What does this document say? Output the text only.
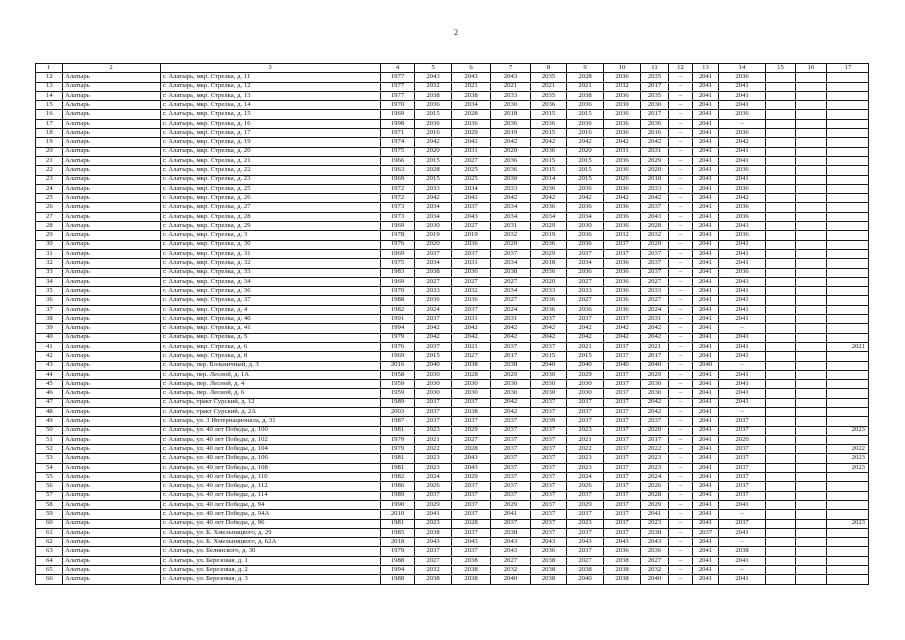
2
1	2	3	4	5	6	7	8	9	10	11	12	13	14	15	16	17
12	Алатырь	г. Алатырь, мкр. Стрелка, д. 11	1977	2043	2043	2043	2035	2028	2036	2035	–	2041	2036			
13	Алатырь	г. Алатырь, мкр. Стрелка, д. 12	1977	2032	2021	2021	2021	2021	2032	2017	–	2041	2041			
14	Алатырь	г. Алатырь, мкр. Стрелка, д. 13	1977	2038	2038	2033	2035	2038	2036	2035	–	2041	2041			
15	Алатырь	г. Алатырь, мкр. Стрелка, д. 14	1970	2036	2034	2030	2036	2036	2030	2030	–	2041	2041			
16	Алатырь	г. Алатырь, мкр. Стрелка, д. 15	1969	2015	2028	2018	2015	2015	2036	2017	–	2041	2036			
17	Алатырь	г. Алатырь, мкр. Стрелка, д. 16	1998	2036	2036	2036	2036	2036	2036	2036	–	2041	–			
18	Алатырь	г. Алатырь, мкр. Стрелка, д. 17	1971	2016	2029	2019	2015	2016	2036	2016	–	2041	2036			
19	Алатырь	г. Алатырь, мкр. Стрелка, д. 19	1974	2042	2042	2042	2042	2042	2042	2042	–	2041	2042			
20	Алатырь	г. Алатырь, мкр. Стрелка, д. 20	1975	2020	2031	2020	2036	2020	2031	2031	–	2041	2041			
21	Алатырь	г. Алатырь, мкр. Стрелка, д. 21	1966	2015	2027	2036	2015	2015	2036	2029	–	2041	2041			
22	Алатырь	г. Алатырь, мкр. Стрелка, д. 22	1963	2028	2025	2036	2015	2015	2036	2020	–	2041	2036			
23	Алатырь	г. Алатырь, мкр. Стрелка, д. 23	1969	2015	2025	2030	2014	2015	2026	2018	–	2041	2041			
24	Алатырь	г. Алатырь, мкр. Стрелка, д. 25	1972	2033	2034	2033	2036	2036	2036	2033	–	2041	2036			
25	Алатырь	г. Алатырь, мкр. Стрелка, д. 26	1972	2042	2042	2042	2042	2042	2042	2042	–	2041	2042			
26	Алатырь	г. Алатырь, мкр. Стрелка, д. 27	1973	2034	2037	2034	2036	2036	2036	2037	–	2041	2036			
27	Алатырь	г. Алатырь, мкр. Стрелка, д. 28	1973	2034	2043	2034	2034	2034	2036	2043	–	2041	2036			
28	Алатырь	г. Алатырь, мкр. Стрелка, д. 29	1969	2030	2027	2031	2029	2030	2036	2028	–	2041	2041			
29	Алатырь	г. Алатырь, мкр. Стрелка, д. 3	1978	2019	2019	2032	2019	2036	2032	2032	–	2041	2036			
30	Алатырь	г. Алатырь, мкр. Стрелка, д. 30	1976	2020	2036	2020	2036	2036	2037	2020	–	2041	2041			
31	Алатырь	г. Алатырь, мкр. Стрелка, д. 31	1969	2037	2037	2037	2029	2037	2037	2037	–	2041	2041			
32	Алатырь	г. Алатырь, мкр. Стрелка, д. 32	1975	2034	2031	2034	2018	2034	2036	2037	–	2041	2041			
33	Алатырь	г. Алатырь, мкр. Стрелка, д. 33	1983	2038	2036	2038	2036	2036	2036	2037	–	2041	2036			
34	Алатырь	г. Алатырь, мкр. Стрелка, д. 34	1969	2027	2027	2027	2020	2027	2036	2027	–	2041	2041			
35	Алатырь	г. Алатырь, мкр. Стрелка, д. 36	1970	2033	2032	2034	2033	2033	2036	2033	–	2041	2041			
36	Алатырь	г. Алатырь, мкр. Стрелка, д. 37	1988	2036	2036	2027	2036	2027	2036	2027	–	2041	2041			
37	Алатырь	г. Алатырь, мкр. Стрелка, д. 4	1982	2024	2037	2024	2036	2036	2036	2024	–	2041	2041			
38	Алатырь	г. Алатырь, мкр. Стрелка, д. 40	1991	2037	2031	2031	2037	2037	2037	2031	–	2041	2041			
39	Алатырь	г. Алатырь, мкр. Стрелка, д. 41	1994	2042	2042	2042	2042	2042	2042	2042	–	2041	–			
40	Алатырь	г. Алатырь, мкр. Стрелка, д. 5	1979	2042	2042	2042	2042	2042	2042	2042	–	2041	2041			
41	Алатырь	г. Алатырь, мкр. Стрелка, д. 6	1976	2037	2021	2037	2037	2021	2037	2021	–	2041	2041			2021
42	Алатырь	г. Алатырь, мкр. Стрелка, д. 8	1969	2015	2027	2017	2015	2015	2037	2017	–	2041	2041			
43	Алатырь	г. Алатырь, пер. Больничный, д. 3	2016	2040	2038	2038	2040	2040	2040	2040	–	2040	–			
44	Алатырь	г. Алатырь, пер. Лесной, д. 1А	1958	2030	2028	2029	2030	2029	2037	2029	–	2041	2041			
45	Алатырь	г. Алатырь, пер. Лесной, д. 4	1959	2030	2030	2030	2030	2030	2037	2030	–	2041	2041			
46	Алатырь	г. Алатырь, пер. Лесной, д. 6	1959	2030	2030	2030	2030	2030	2037	2030	–	2041	2041			
47	Алатырь	г. Алатырь, тракт Сурский, д. 12	1989	2037	2037	2042	2037	2037	2037	2042	–	2041	2041			
48	Алатырь	г. Алатырь, тракт Сурский, д. 2А	2003	2037	2038	2042	2037	2037	2037	2042	–	2041	–			
49	Алатырь	г. Алатырь, ул. 3 Интернационала, д. 31	1987	2037	2037	2037	2039	2037	2037	2037	–	2041	2037			
50	Алатырь	г. Алатырь, ул. 40 лет Победы, д. 100	1981	2023	2029	2037	2037	2023	2037	2020	–	2041	2037			2023
51	Алатырь	г. Алатырь, ул. 40 лет Победы, д. 102	1979	2021	2027	2037	2037	2021	2037	2017	–	2041	2020			
52	Алатырь	г. Алатырь, ул. 40 лет Победы, д. 104	1979	2022	2028	2037	2037	2022	2037	2022	–	2041	2037			2022
53	Алатырь	г. Алатырь, ул. 40 лет Победы, д. 106	1981	2023	2043	2037	2037	2023	2037	2023	–	2041	2037			2023
54	Алатырь	г. Алатырь, ул. 40 лет Победы, д. 108	1981	2023	2043	2037	2037	2023	2037	2023	–	2041	2037			2023
55	Алатырь	г. Алатырь, ул. 40 лет Победы, д. 110	1982	2024	2029	2037	2037	2024	2037	2024	–	2041	2037			
56	Алатырь	г. Алатырь, ул. 40 лет Победы, д. 112	1986	2026	2037	2037	2037	2026	2037	2026	–	2041	2037			
57	Алатырь	г. Алатырь, ул. 40 лет Победы, д. 114	1989	2037	2037	2037	2037	2037	2037	2028	–	2041	2037			
58	Алатырь	г. Алатырь, ул. 40 лет Победы, д. 94	1990	2029	2037	2029	2037	2029	2037	2029	–	2041	2041			
59	Алатырь	г. Алатырь, ул. 40 лет Победы, д. 94А	2010	2041	2037	2041	2037	2037	2037	2041	–	2041	–			
60	Алатырь	г. Алатырь, ул. 40 лет Победы, д. 96	1981	2023	2028	2037	2037	2023	2037	2023	–	2041	2037			2023
61	Алатырь	г. Алатырь, ул. Б. Хмельницкого, д. 29	1985	2038	2037	2038	2037	2037	2037	2038	–	2037	2041			
62	Алатырь	г. Алатырь, ул. Б. Хмельницкого, д. 62А	2018	2043	2043	2043	2043	2043	2043	2043	–	2041	–			
63	Алатырь	г. Алатырь, ул. Белинского, д. 30	1979	2037	2037	2043	2036	2037	2036	2036	–	2041	2038			
64	Алатырь	г. Алатырь, ул. Березовая, д. 1	1988	2027	2038	2027	2038	2027	2038	2027	–	2041	2041			
65	Алатырь	г. Алатырь, ул. Березовая, д. 2	1994	2032	2038	2032	2038	2038	2038	2032	–	2041	–			
66	Алатырь	г. Алатырь, ул. Березовая, д. 3	1988	2038	2038	2040	2038	2040	2038	2040	–	2041	2041			
